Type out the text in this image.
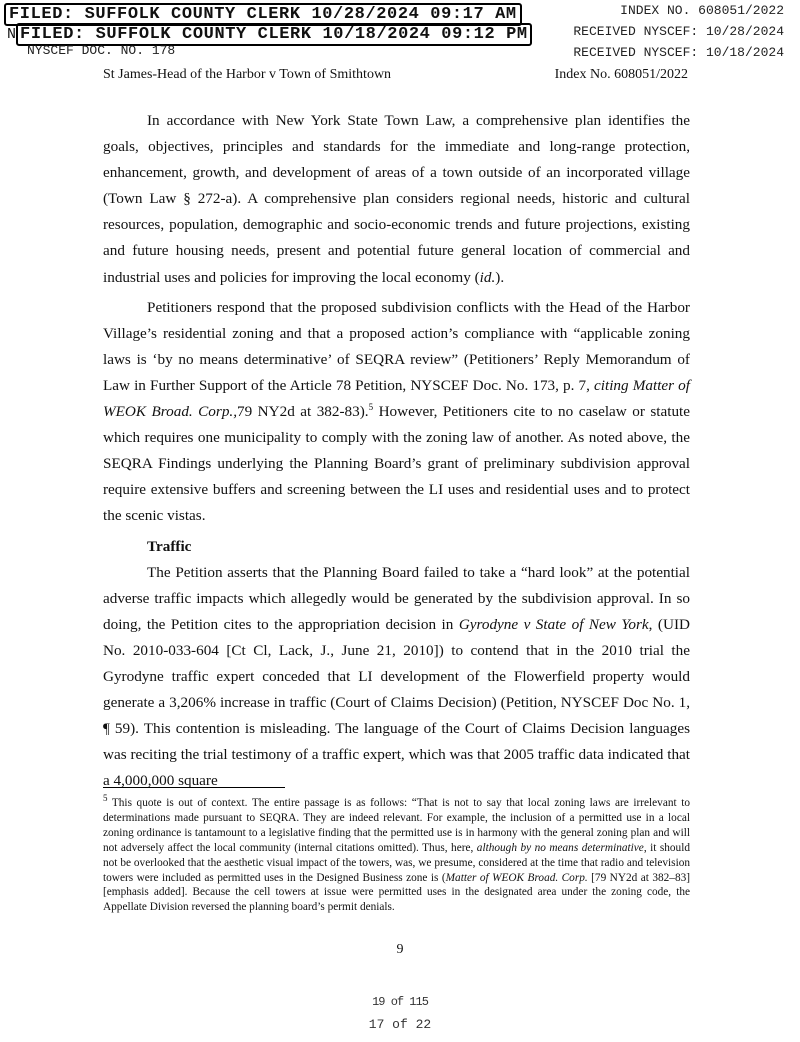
FILED: SUFFOLK COUNTY CLERK 10/28/2024 09:17 AM
N FILED: SUFFOLK COUNTY CLERK 10/18/2024 09:12 PM
NYSCEF DOC. NO. 178
INDEX NO. 608051/2022
RECEIVED NYSCEF: 10/28/2024
RECEIVED NYSCEF: 10/18/2024
St James-Head of the Harbor v Town of Smithtown	Index No. 608051/2022

In accordance with New York State Town Law, a comprehensive plan identifies the goals, objectives, principles and standards for the immediate and long-range protection, enhancement, growth, and development of areas of a town outside of an incorporated village (Town Law § 272-a). A comprehensive plan considers regional needs, historic and cultural resources, population, demographic and socio-economic trends and future projections, existing and future housing needs, present and potential future general location of commercial and industrial uses and policies for improving the local economy (id.).

Petitioners respond that the proposed subdivision conflicts with the Head of the Harbor Village’s residential zoning and that a proposed action’s compliance with “applicable zoning laws is ‘by no means determinative’ of SEQRA review” (Petitioners’ Reply Memorandum of Law in Further Support of the Article 78 Petition, NYSCEF Doc. No. 173, p. 7, citing Matter of WEOK Broad. Corp.,79 NY2d at 382-83).$^5$ However, Petitioners cite to no caselaw or statute which requires one municipality to comply with the zoning law of another. As noted above, the SEQRA Findings underlying the Planning Board’s grant of preliminary subdivision approval require extensive buffers and screening between the LI uses and residential uses and to protect the scenic vistas.

Traffic

The Petition asserts that the Planning Board failed to take a “hard look” at the potential adverse traffic impacts which allegedly would be generated by the subdivision approval. In so doing, the Petition cites to the appropriation decision in Gyrodyne v State of New York, (UID No. 2010-033-604 [Ct Cl, Lack, J., June 21, 2010]) to contend that in the 2010 trial the Gyrodyne traffic expert conceded that LI development of the Flowerfield property would generate a 3,206% increase in traffic (Court of Claims Decision) (Petition, NYSCEF Doc No. 1, ¶ 59). This contention is misleading. The language of the Court of Claims Decision languages was reciting the trial testimony of a traffic expert, which was that 2005 traffic data indicated that a 4,000,000 square

$^5$ This quote is out of context. The entire passage is as follows: “That is not to say that local zoning laws are irrelevant to determinations made pursuant to SEQRA. They are indeed relevant. For example, the inclusion of a permitted use in a local zoning ordinance is tantamount to a legislative finding that the permitted use is in harmony with the general zoning plan and will not adversely affect the local community (internal citations omitted). Thus, here, although by no means determinative, it should not be overlooked that the aesthetic visual impact of the towers, was, we presume, considered at the time that radio and television towers were included as permitted uses in the Designed Business zone is (Matter of WEOK Broad. Corp. [79 NY2d at 382–83] [emphasis added]. Because the cell towers at issue were permitted uses in the designated area under the zoning code, the Appellate Division reversed the planning board’s permit denials.

9
19 of 115
17 of 22
